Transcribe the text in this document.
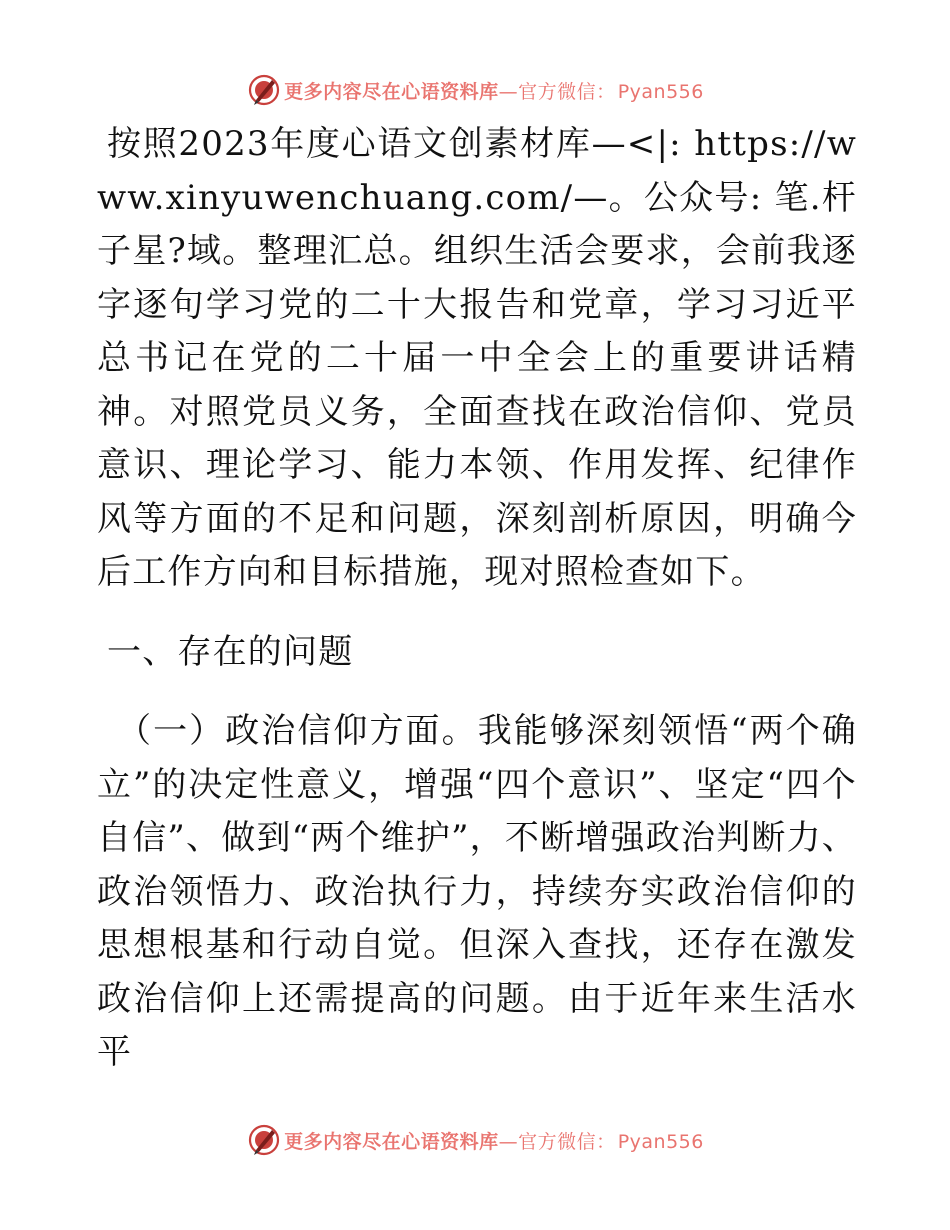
更多内容尽在心语资料库—官方微信： Pyan556

按照2023年度心语文创素材库—<|: https://www.xinyuwenchuang.com/—。公众号: 笔.杆子星?域。整理汇总。组织生活会要求，会前我逐字逐句学习党的二十大报告和党章，学习习近平总书记在党的二十届一中全会上的重要讲话精神。对照党员义务，全面查找在政治信仰、党员意识、理论学习、能力本领、作用发挥、纪律作风等方面的不足和问题，深刻剖析原因，明确今后工作方向和目标措施，现对照检查如下。

一、存在的问题

（一）政治信仰方面。我能够深刻领悟“两个确立”的决定性意义，增强“四个意识”、坚定“四个自信”、做到“两个维护”，不断增强政治判断力、政治领悟力、政治执行力，持续夯实政治信仰的思想根基和行动自觉。但深入查找，还存在激发政治信仰上还需提高的问题。由于近年来生活水平

更多内容尽在心语资料库—官方微信： Pyan556
